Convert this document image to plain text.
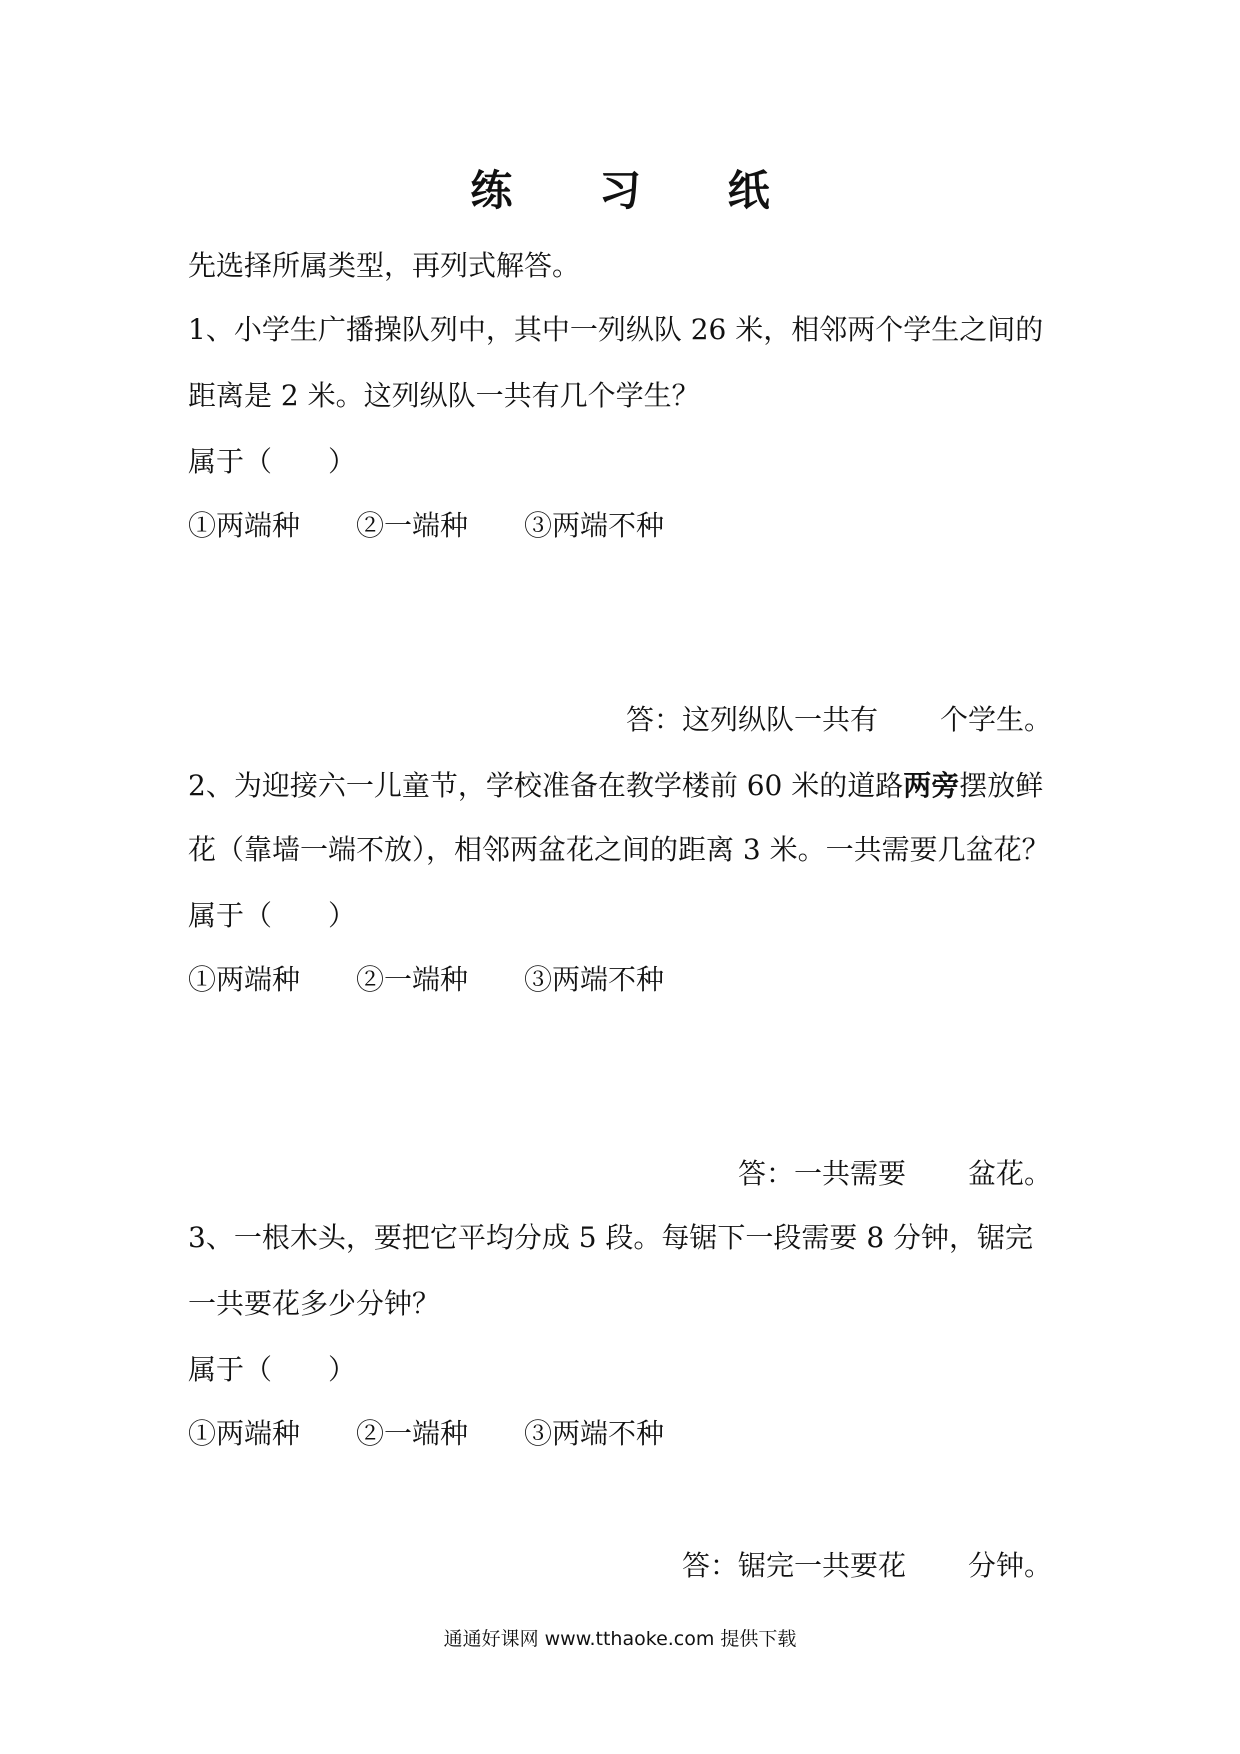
练 习 纸
先选择所属类型，再列式解答。
1、小学生广播操队列中，其中一列纵队 26 米，相邻两个学生之间的
距离是 2 米。这列纵队一共有几个学生？
属于（　　）
①两端种 ②一端种 ③两端不种
答：这列纵队一共有 个学生。
2、为迎接六一儿童节，学校准备在教学楼前 60 米的道路两旁摆放鲜
花（靠墙一端不放），相邻两盆花之间的距离 3 米。一共需要几盆花？
属于（　　）
①两端种 ②一端种 ③两端不种
答：一共需要 盆花。
3、一根木头，要把它平均分成 5 段。每锯下一段需要 8 分钟，锯完
一共要花多少分钟？
属于（　　）
①两端种 ②一端种 ③两端不种
答：锯完一共要花 分钟。
通通好课网 www.tthaoke.com 提供下载
